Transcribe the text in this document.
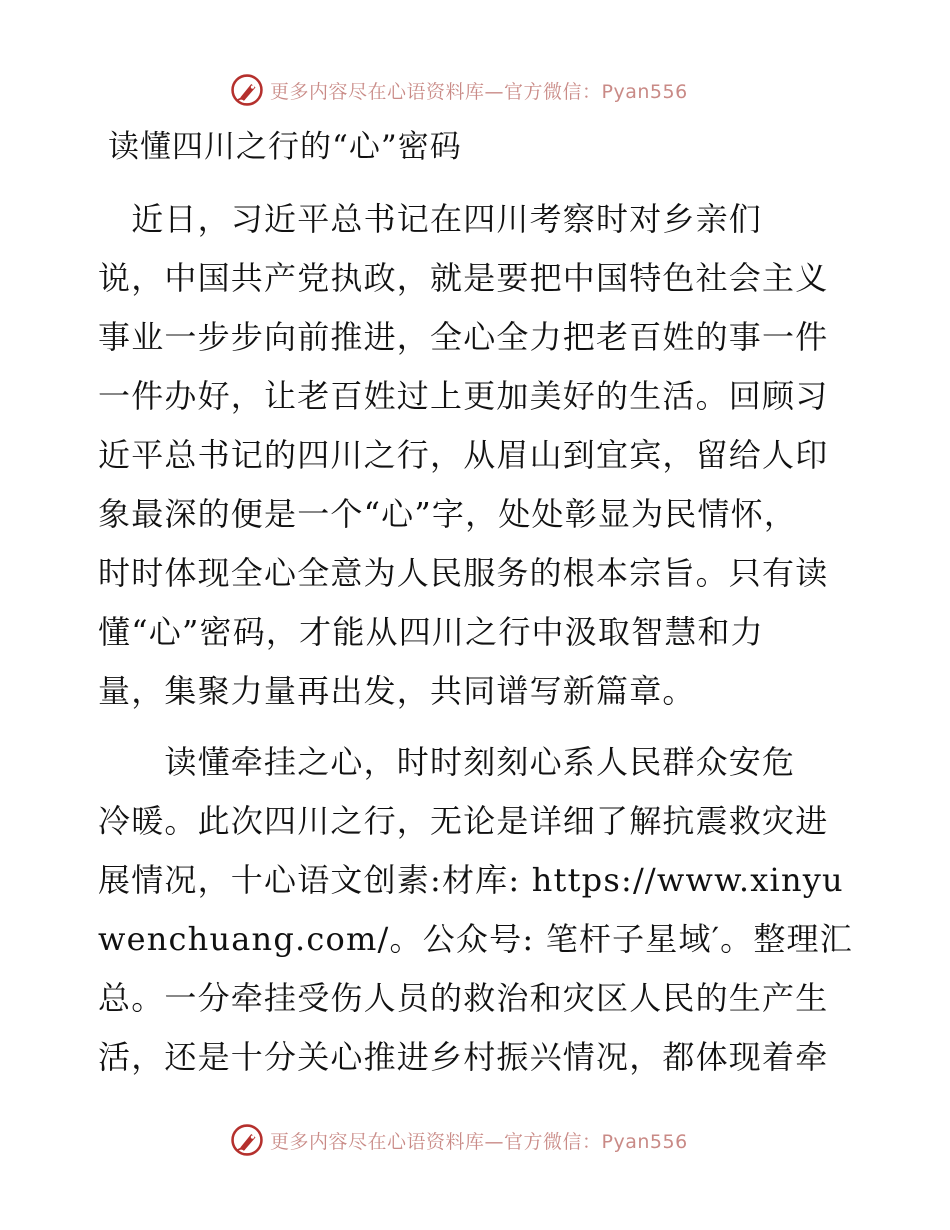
更多内容尽在心语资料库—官方微信：Pyan556
读懂四川之行的“心”密码
　近日，习近平总书记在四川考察时对乡亲们
说，中国共产党执政，就是要把中国特色社会主义
事业一步步向前推进，全心全力把老百姓的事一件
一件办好，让老百姓过上更加美好的生活。回顾习
近平总书记的四川之行，从眉山到宜宾，留给人印
象最深的便是一个“心”字，处处彰显为民情怀，
时时体现全心全意为人民服务的根本宗旨。只有读
懂“心”密码，才能从四川之行中汲取智慧和力
量，集聚力量再出发，共同谱写新篇章。
　　读懂牵挂之心，时时刻刻心系人民群众安危
冷暖。此次四川之行，无论是详细了解抗震救灾进
展情况，十心语文创素:材库: https://www.xinyu
wenchuang.com/。公众号: 笔杆子星域′。整理汇
总。一分牵挂受伤人员的救治和灾区人民的生产生
活，还是十分关心推进乡村振兴情况，都体现着牵
更多内容尽在心语资料库—官方微信：Pyan556
